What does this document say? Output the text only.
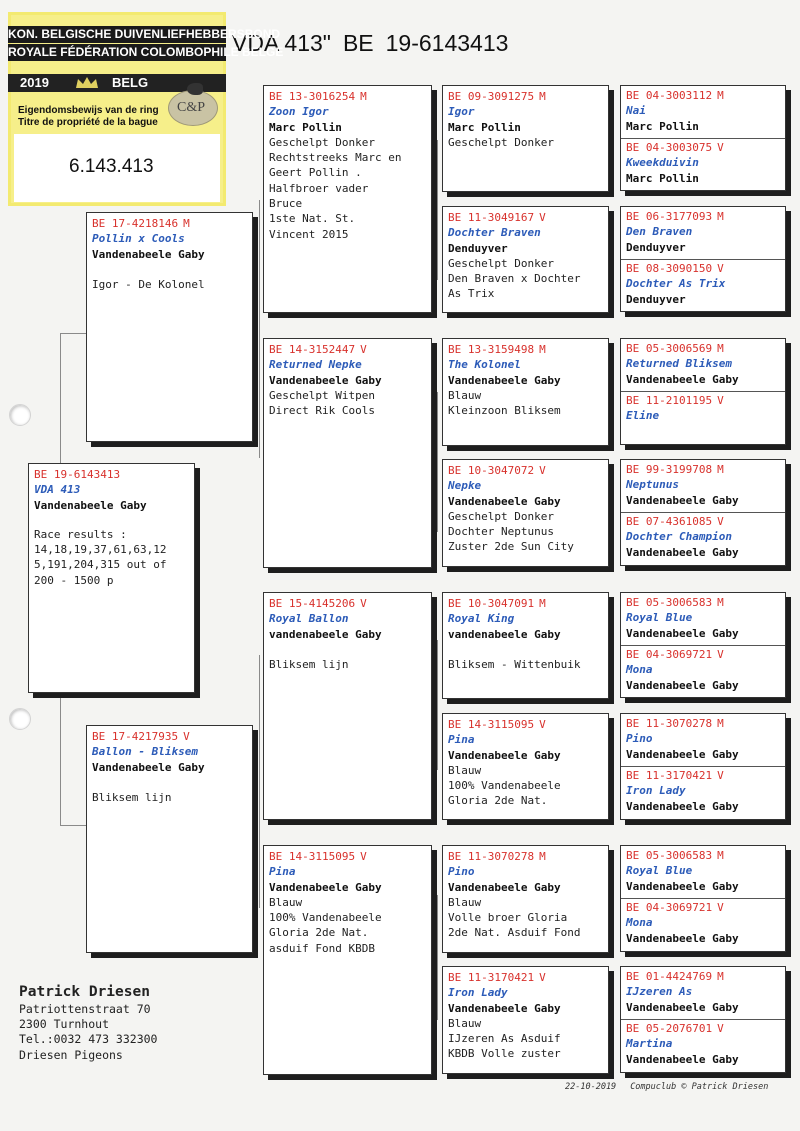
VDA 413" BE 19-6143413
KON. BELGISCHE DUIVENLIEFHEBBERSBOND
ROYALE FÉDÉRATION COLOMBOPHILE BELGE
2019	BELG
C&P
Eigendomsbewijs van de ring
Titre de propriété de la bague
6.143.413
BE 19-6143413
VDA 413
Vandenabeele Gaby
Race results :
14,18,19,37,61,63,12
5,191,204,315 out of
200 - 1500 p
BE 17-4218146 M
Pollin x Cools
Vandenabeele Gaby
Igor - De Kolonel
BE 17-4217935 V
Ballon - Bliksem
Vandenabeele Gaby
Bliksem lijn
BE 13-3016254 M
Zoon Igor
Marc Pollin
Geschelpt Donker
Rechtstreeks Marc en
Geert Pollin .
Halfbroer vader
Bruce
1ste Nat. St.
Vincent 2015
BE 14-3152447 V
Returned Nepke
Vandenabeele Gaby
Geschelpt Witpen
Direct Rik Cools
BE 15-4145206 V
Royal Ballon
vandenabeele Gaby

Bliksem lijn
BE 14-3115095 V
Pina
Vandenabeele Gaby
Blauw
100% Vandenabeele
Gloria 2de Nat.
asduif Fond KBDB
BE 09-3091275 M
Igor
Marc Pollin
Geschelpt Donker
BE 11-3049167 V
Dochter Braven
Denduyver
Geschelpt Donker
Den Braven x Dochter
As Trix
BE 13-3159498 M
The Kolonel
Vandenabeele Gaby
Blauw
Kleinzoon Bliksem
BE 10-3047072 V
Nepke
Vandenabeele Gaby
Geschelpt Donker
Dochter Neptunus
Zuster 2de Sun City
BE 10-3047091 M
Royal King
vandenabeele Gaby

Bliksem - Wittenbuik
BE 14-3115095 V
Pina
Vandenabeele Gaby
Blauw
100% Vandenabeele
Gloria 2de Nat.
BE 11-3070278 M
Pino
Vandenabeele Gaby
Blauw
Volle broer Gloria
2de Nat. Asduif Fond
BE 11-3170421 V
Iron Lady
Vandenabeele Gaby
Blauw
IJzeren As Asduif
KBDB Volle zuster
BE 04-3003112 M
Nai
Marc Pollin
BE 04-3003075 V
Kweekduivin
Marc Pollin
BE 06-3177093 M
Den Braven
Denduyver
BE 08-3090150 V
Dochter As Trix
Denduyver
BE 05-3006569 M
Returned Bliksem
Vandenabeele Gaby
BE 11-2101195 V
Eline
BE 99-3199708 M
Neptunus
Vandenabeele Gaby
BE 07-4361085 V
Dochter Champion
Vandenabeele Gaby
BE 05-3006583 M
Royal Blue
Vandenabeele Gaby
BE 04-3069721 V
Mona
Vandenabeele Gaby
BE 11-3070278 M
Pino
Vandenabeele Gaby
BE 11-3170421 V
Iron Lady
Vandenabeele Gaby
BE 05-3006583 M
Royal Blue
Vandenabeele Gaby
BE 04-3069721 V
Mona
Vandenabeele Gaby
BE 01-4424769 M
IJzeren As
Vandenabeele Gaby
BE 05-2076701 V
Martina
Vandenabeele Gaby
Patrick Driesen
Patriottenstraat 70
2300 Turnhout
Tel.:0032 473 332300
Driesen Pigeons
22-10-2019 Compuclub © Patrick Driesen
